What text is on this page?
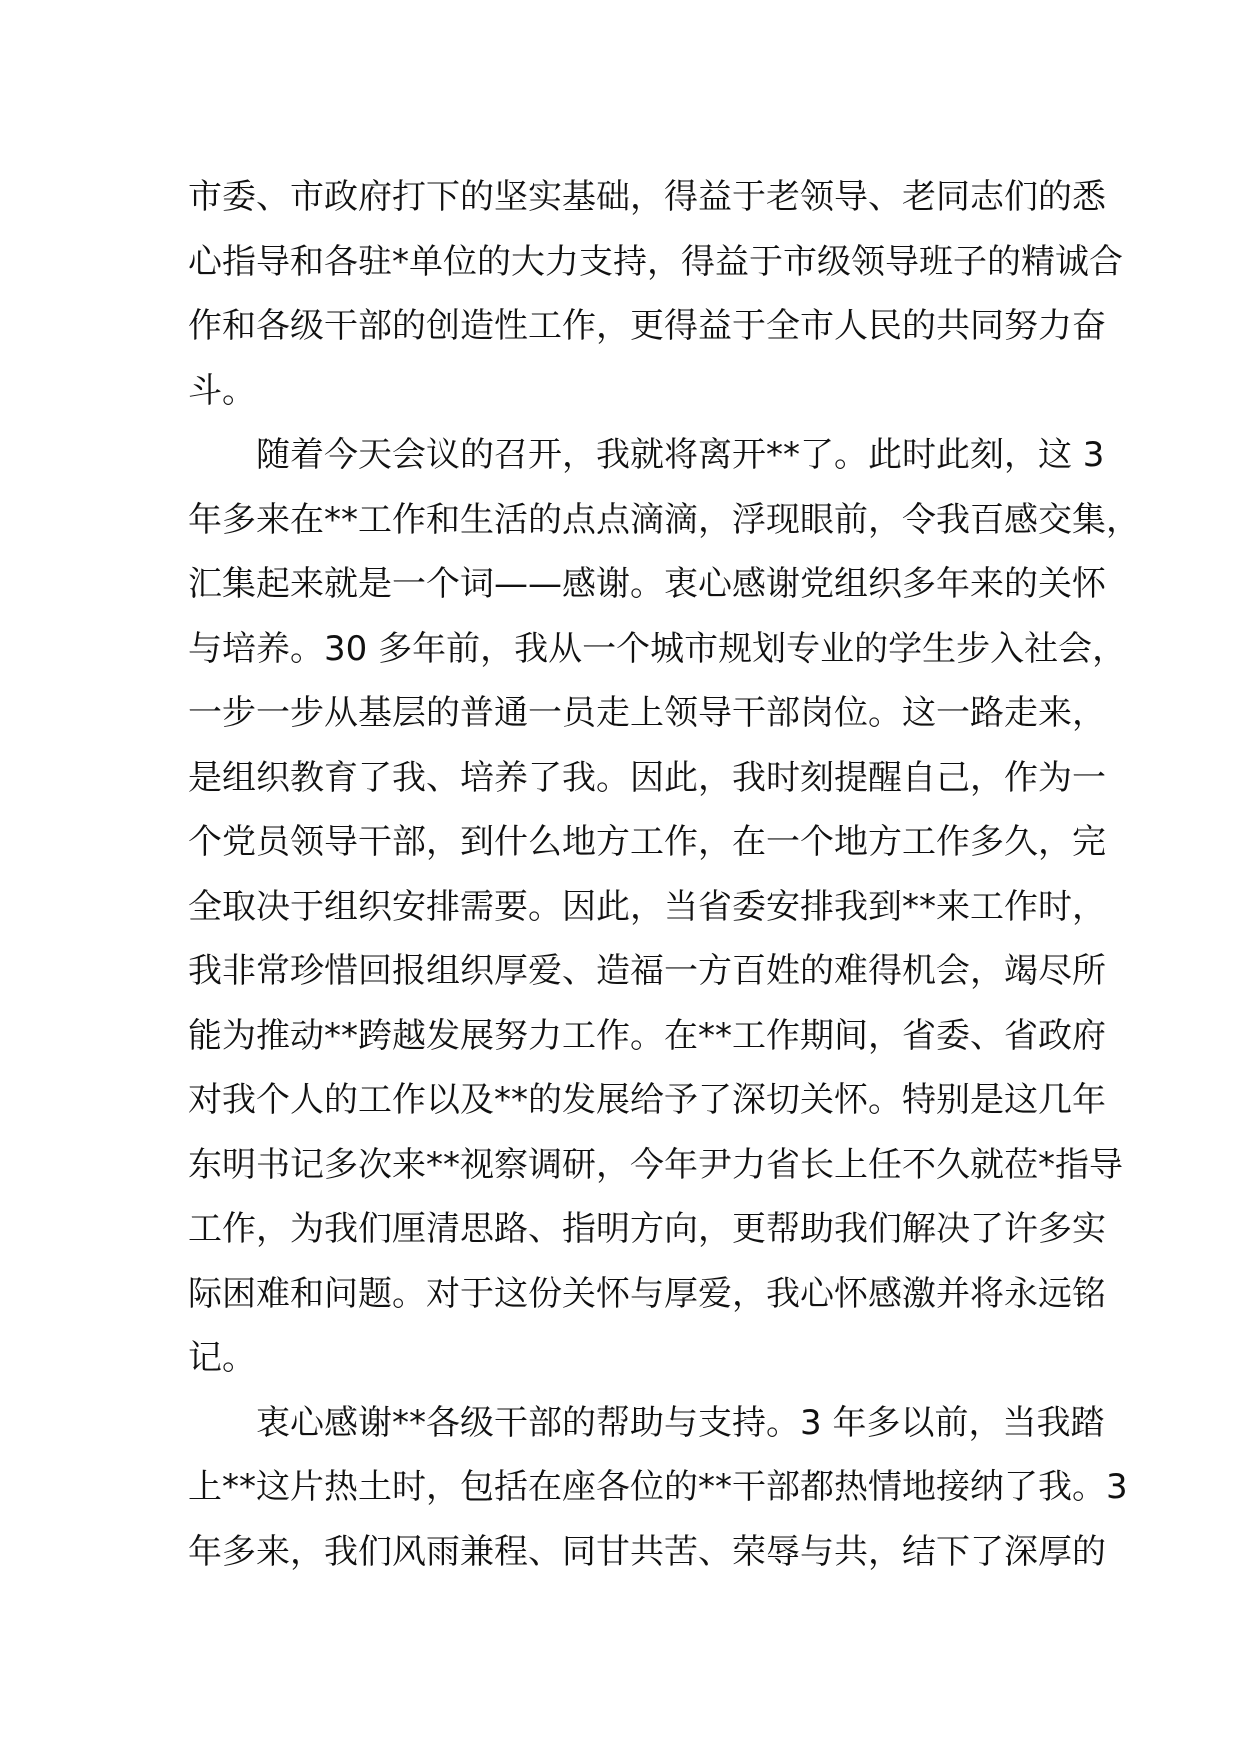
市委、市政府打下的坚实基础，得益于老领导、老同志们的悉
心指导和各驻*单位的大力支持，得益于市级领导班子的精诚合
作和各级干部的创造性工作，更得益于全市人民的共同努力奋
斗。
随着今天会议的召开，我就将离开**了。此时此刻，这 3
年多来在**工作和生活的点点滴滴，浮现眼前，令我百感交集，
汇集起来就是一个词——感谢。衷心感谢党组织多年来的关怀
与培养。30 多年前，我从一个城市规划专业的学生步入社会，
一步一步从基层的普通一员走上领导干部岗位。这一路走来，
是组织教育了我、培养了我。因此，我时刻提醒自己，作为一
个党员领导干部，到什么地方工作，在一个地方工作多久，完
全取决于组织安排需要。因此，当省委安排我到**来工作时，
我非常珍惜回报组织厚爱、造福一方百姓的难得机会，竭尽所
能为推动**跨越发展努力工作。在**工作期间，省委、省政府
对我个人的工作以及**的发展给予了深切关怀。特别是这几年
东明书记多次来**视察调研，今年尹力省长上任不久就莅*指导
工作，为我们厘清思路、指明方向，更帮助我们解决了许多实
际困难和问题。对于这份关怀与厚爱，我心怀感激并将永远铭
记。
衷心感谢**各级干部的帮助与支持。3 年多以前，当我踏
上**这片热土时，包括在座各位的**干部都热情地接纳了我。3
年多来，我们风雨兼程、同甘共苦、荣辱与共，结下了深厚的
